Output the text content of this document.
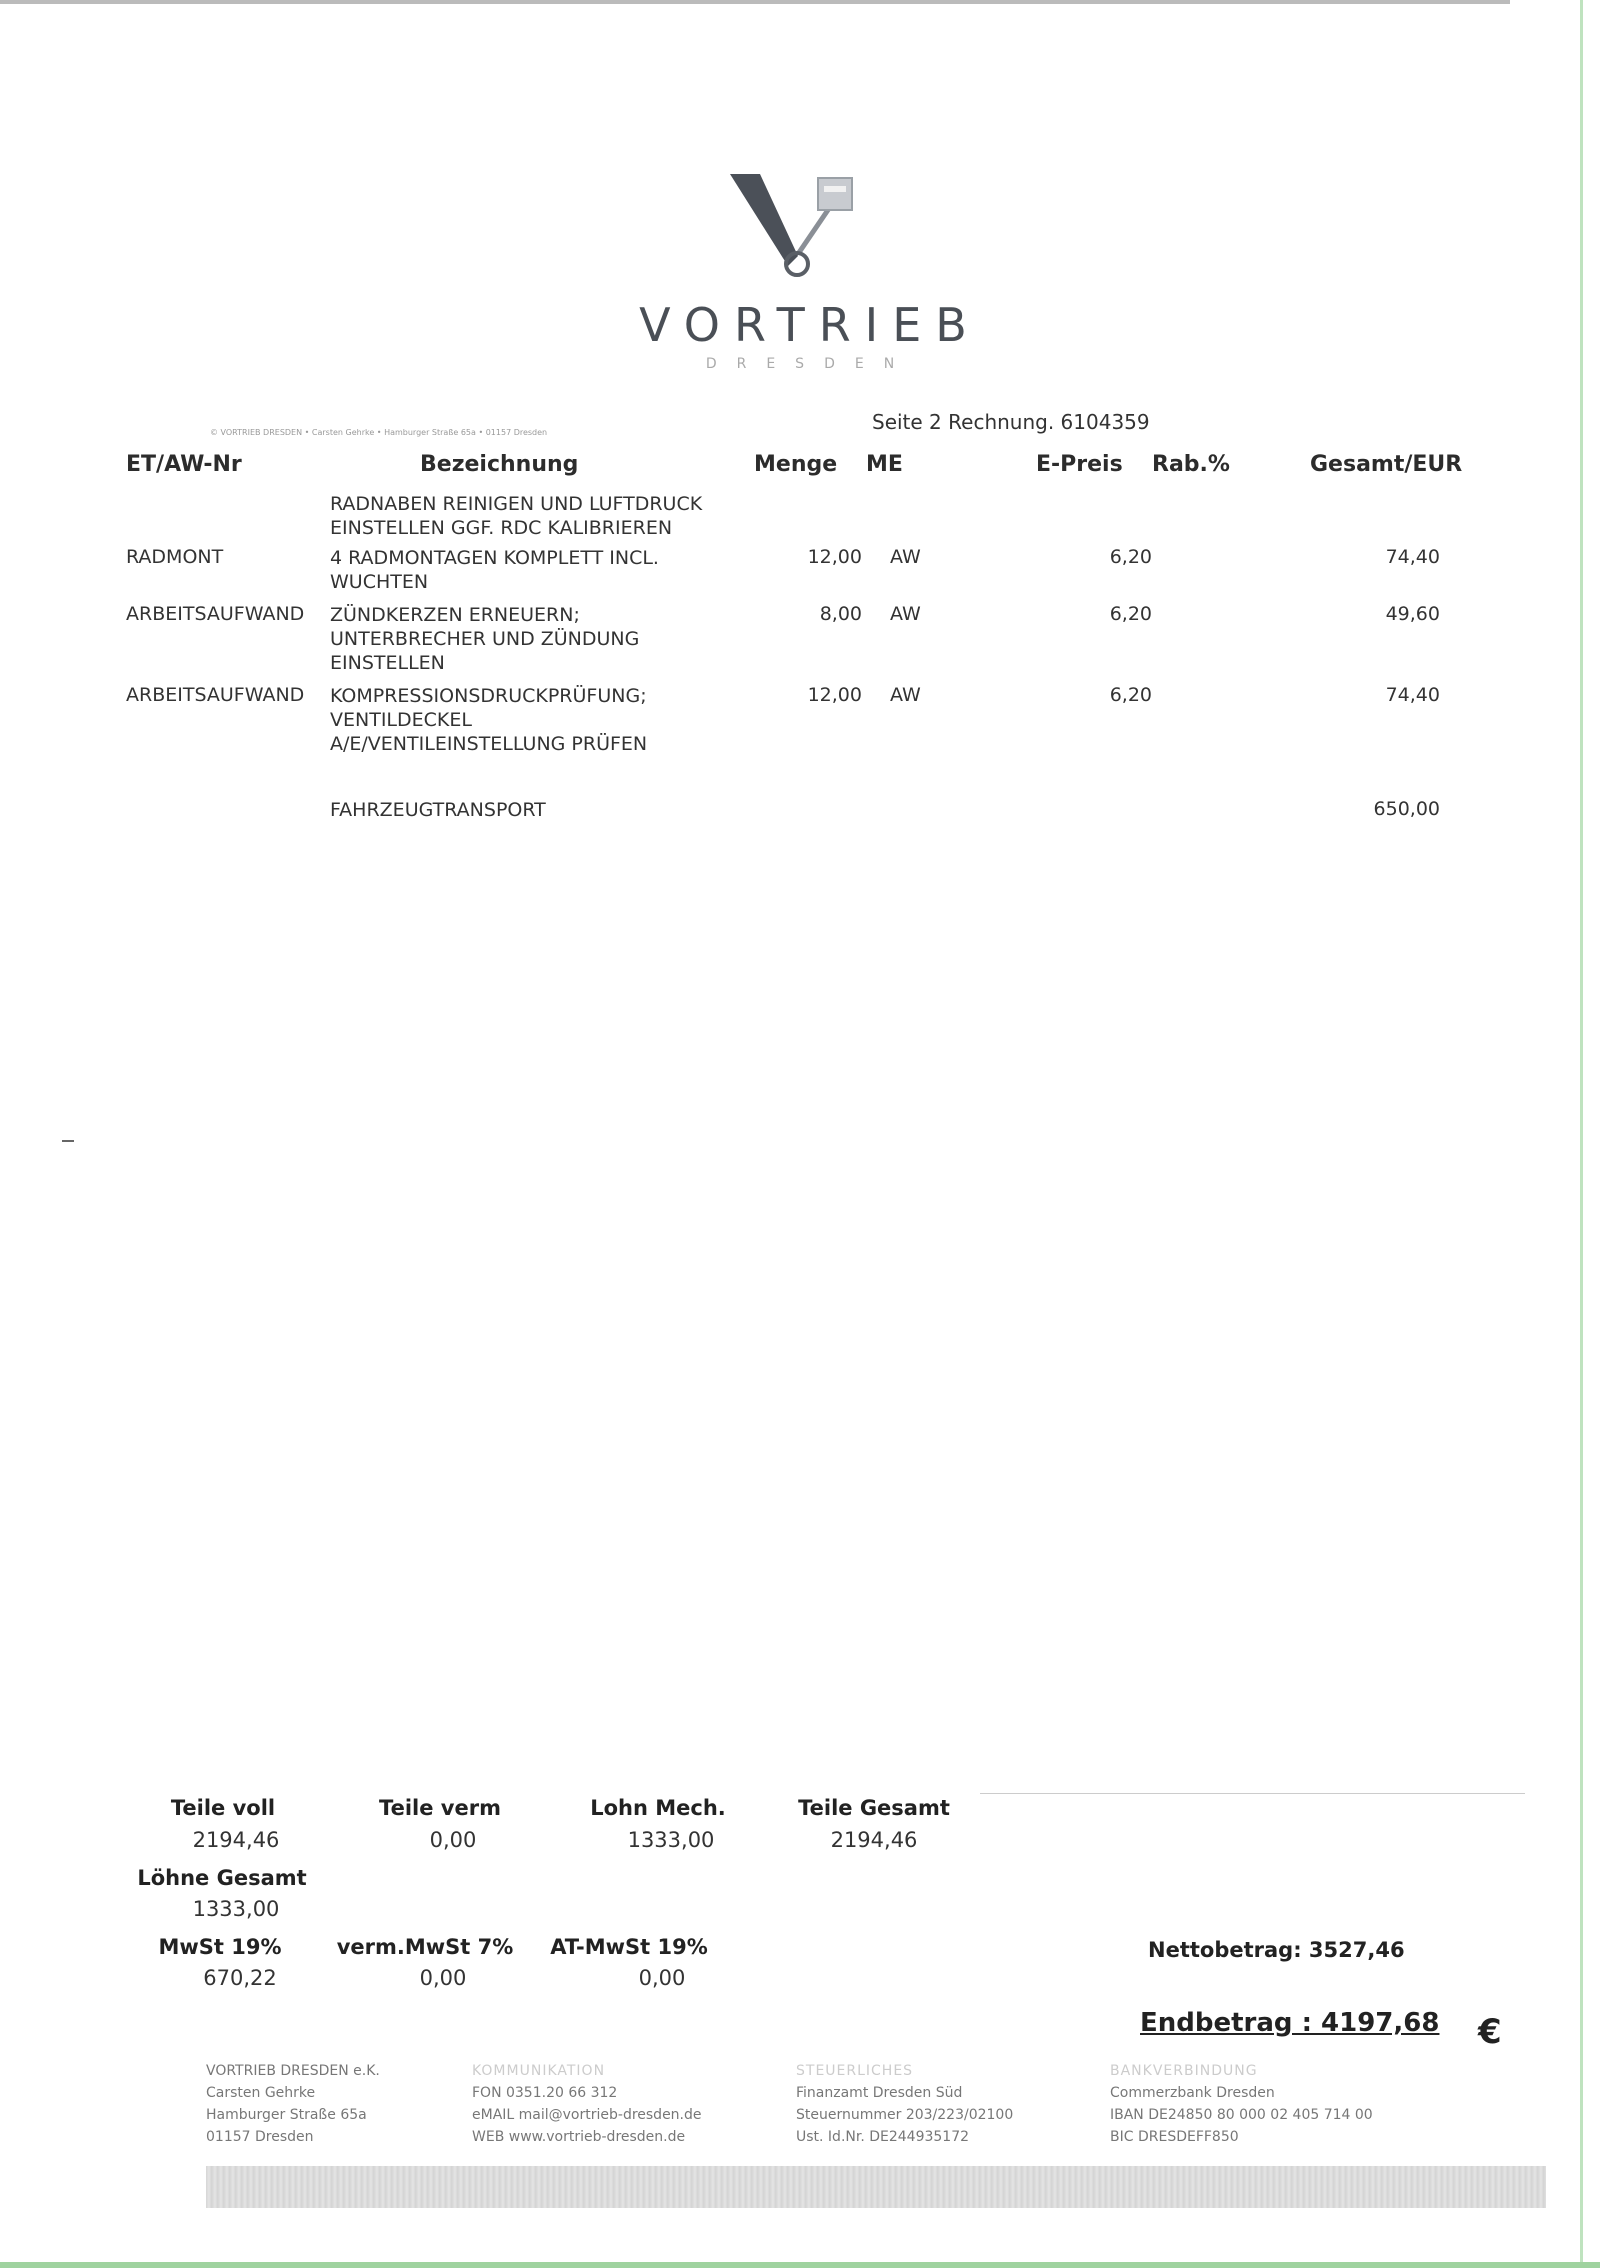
VORTRIEB
DRESDEN
© VORTRIEB DRESDEN • Carsten Gehrke • Hamburger Straße 65a • 01157 Dresden	Seite 2 Rechnung. 6104359
ET/AW-Nr	Bezeichnung	Menge ME	E-Preis Rab.%	Gesamt/EUR
RADNABEN REINIGEN UND LUFTDRUCK
EINSTELLEN GGF. RDC KALIBRIEREN
RADMONT	4 RADMONTAGEN KOMPLETT INCL.
WUCHTEN
12,00 AW	6,20	74,40
ARBEITSAUFWAND ZÜNDKERZEN ERNEUERN;
UNTERBRECHER UND ZÜNDUNG
EINSTELLEN
8,00 AW	6,20	49,60
ARBEITSAUFWAND KOMPRESSIONSDRUCKPRÜFUNG;
VENTILDECKEL
A/E/VENTILEINSTELLUNG PRÜFEN
12,00 AW	6,20	74,40
FAHRZEUGTRANSPORT	650,00
Teile voll
2194,46
Teile verm
0,00
Lohn Mech.
1333,00
Teile Gesamt
2194,46
Löhne Gesamt
1333,00
MwSt 19%
670,22
verm.MwSt 7%
0,00
AT-MwSt 19%
0,00
Nettobetrag: 3527,46
Endbetrag : 4197,68 €
VORTRIEB DRESDEN e.K.
Carsten Gehrke
Hamburger Straße 65a
01157 Dresden
KOMMUNIKATION
FON 0351.20 66 312
eMAIL mail@vortrieb-dresden.de
WEB www.vortrieb-dresden.de
STEUERLICHES
Finanzamt Dresden Süd
Steuernummer 203/223/02100
Ust. Id.Nr. DE244935172
BANKVERBINDUNG
Commerzbank Dresden
IBAN DE24850 80 000 02 405 714 00
BIC DRESDEFF850
